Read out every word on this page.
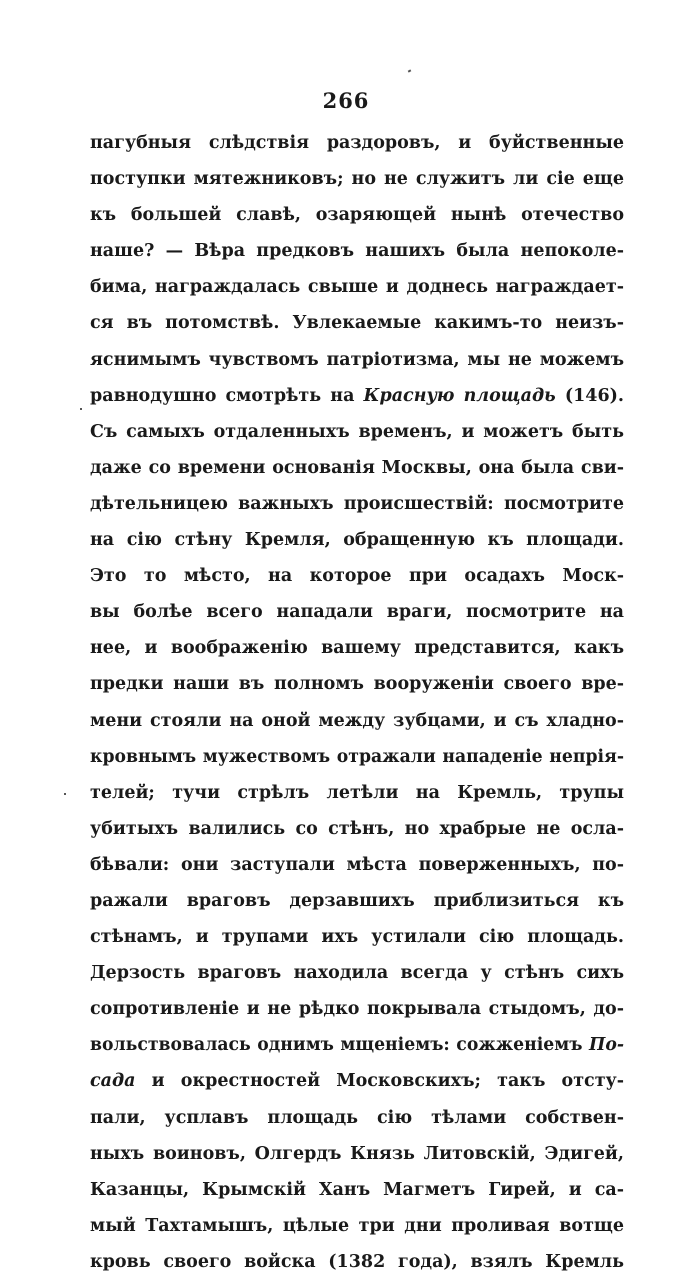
266
пагубныя слѣдствія раздоровъ, и буйственные
поступки мятежниковъ; но не служитъ ли сіе еще
къ большей славѣ, озаряющей нынѣ отечество
наше? — Вѣра предковъ нашихъ была непоколе-
бима, награждалась свыше и доднесь награждает-
ся въ потомствѣ. Увлекаемые какимъ-то неизъ-
яснимымъ чувствомъ патріотизма, мы не можемъ
равнодушно смотрѣть на Красную площадь (146).
Съ самыхъ отдаленныхъ временъ, и можетъ быть
даже со времени основанія Москвы, она была сви-
дѣтельницею важныхъ происшествій: посмотрите
на сію стѣну Кремля, обращенную къ площади.
Это то мѣсто, на которое при осадахъ Моск-
вы болѣе всего нападали враги, посмотрите на
нее, и воображенію вашему представится, какъ
предки наши въ полномъ вооруженіи своего вре-
мени стояли на оной между зубцами, и съ хладно-
кровнымъ мужествомъ отражали нападеніе непрія-
телей; тучи стрѣлъ летѣли на Кремль, трупы
убитыхъ валились со стѣнъ, но храбрые не осла-
бѣвали: они заступали мѣста поверженныхъ, по-
ражали враговъ дерзавшихъ приблизиться къ
стѣнамъ, и трупами ихъ устилали сію площадь.
Дерзость враговъ находила всегда у стѣнъ сихъ
сопротивленіе и не рѣдко покрывала стыдомъ, до-
вольствовалась однимъ мщеніемъ: сожженіемъ По-
сада и окрестностей Московскихъ; такъ отсту-
пали, усплавъ площадь сію тѣлами собствен-
ныхъ воиновъ, Олгердъ Князь Литовскій, Эдигей,
Казанцы, Крымскій Ханъ Магметъ Гирей, и са-
мый Тахтамышъ, цѣлые три дни проливая вотще
кровь своего войска (1382 года), взялъ Кремль
